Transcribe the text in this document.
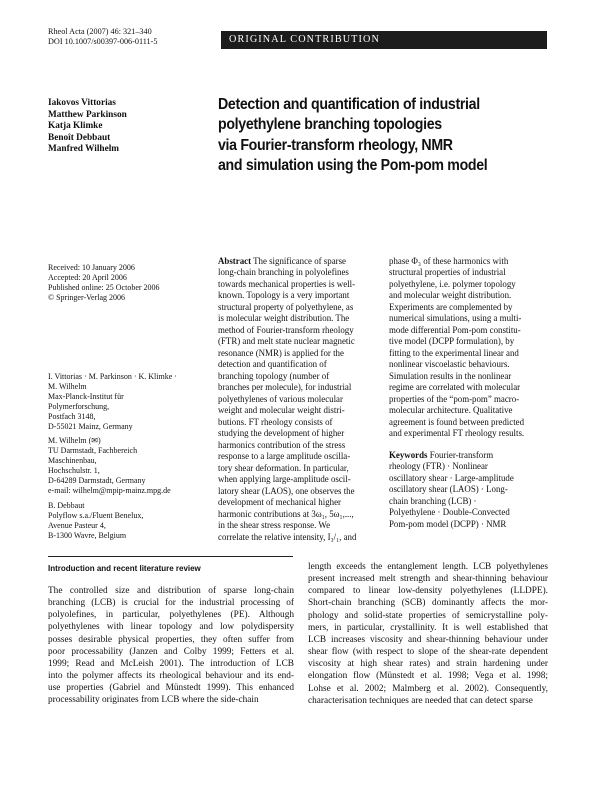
Rheol Acta (2007) 46: 321–340
DOI 10.1007/s00397-006-0111-5	ORIGINAL CONTRIBUTION
Iakovos Vittorias
Matthew Parkinson
Katja Klimke
Benoît Debbaut
Manfred Wilhelm
Detection and quantification of industrial
polyethylene branching topologies
via Fourier-transform rheology, NMR
and simulation using the Pom-pom model
Received: 10 January 2006
Accepted: 20 April 2006
Published online: 25 October 2006
© Springer-Verlag 2006
I. Vittorias · M. Parkinson · K. Klimke ·
M. Wilhelm
Max-Planck-Institut für
Polymerforschung,
Postfach 3148,
D-55021 Mainz, Germany
M. Wilhelm (✉)
TU Darmstadt, Fachbereich
Maschinenbau,
Hochschulstr. 1,
D-64289 Darmstadt, Germany
e-mail: wilhelm@mpip-mainz.mpg.de
B. Debbaut
Polyflow s.a./Fluent Benelux,
Avenue Pasteur 4,
B-1300 Wavre, Belgium

Abstract The significance of sparse

long-chain branching in polyolefines
towards mechanical properties is well-
known. Topology is a very important
structural property of polyethylene, as
is molecular weight distribution. The
method of Fourier-transform rheology
(FTR) and melt state nuclear magnetic
resonance (NMR) is applied for the
detection and quantification of
branching topology (number of
branches per molecule), for industrial
polyethylenes of various molecular
weight and molecular weight distri-
butions. FT rheology consists of
studying the development of higher
harmonics contribution of the stress
response to a large amplitude oscilla-
tory shear deformation. In particular,
when applying large-amplitude oscil-
latory shear (LAOS), one observes the
development of mechanical higher
harmonic contributions at 3ω₁, 5ω₁,...,
in the shear stress response. We
correlate the relative intensity, I₃/₁, and
phase Φ₃ of these harmonics with
structural properties of industrial
polyethylene, i.e. polymer topology
and molecular weight distribution.
Experiments are complemented by
numerical simulations, using a multi-
mode differential Pom-pom constitu-
tive model (DCPP formulation), by
fitting to the experimental linear and
nonlinear viscoelastic behaviours.
Simulation results in the nonlinear
regime are correlated with molecular
properties of the “pom-pom” macro-
molecular architecture. Qualitative
agreement is found between predicted
and experimental FT rheology results.

Keywords Fourier-transform

rheology (FTR) · Nonlinear
oscillatory shear · Large-amplitude
oscillatory shear (LAOS) · Long-
chain branching (LCB) ·
Polyethylene · Double-Convected
Pom-pom model (DCPP) · NMR
Introduction and recent literature review
The controlled size and distribution of sparse long-chain
branching (LCB) is crucial for the industrial processing of
polyolefines, in particular, polyethylenes (PE). Although
polyethylenes with linear topology and low polydispersity
posses desirable physical properties, they often suffer from
poor processability (Janzen and Colby 1999; Fetters et al.
1999; Read and McLeish 2001). The introduction of LCB
into the polymer affects its rheological behaviour and its end-
use properties (Gabriel and Münstedt 1999). This enhanced
processability originates from LCB where the side-chain
length exceeds the entanglement length. LCB polyethylenes
present increased melt strength and shear-thinning behaviour
compared to linear low-density polyethylenes (LLDPE).
Short-chain branching (SCB) dominantly affects the mor-
phology and solid-state properties of semicrystalline poly-
mers, in particular, crystallinity. It is well established that
LCB increases viscosity and shear-thinning behaviour under
shear flow (with respect to slope of the shear-rate dependent
viscosity at high shear rates) and strain hardening under
elongation flow (Münstedt et al. 1998; Vega et al. 1998;
Lohse et al. 2002; Malmberg et al. 2002). Consequently,
characterisation techniques are needed that can detect sparse
